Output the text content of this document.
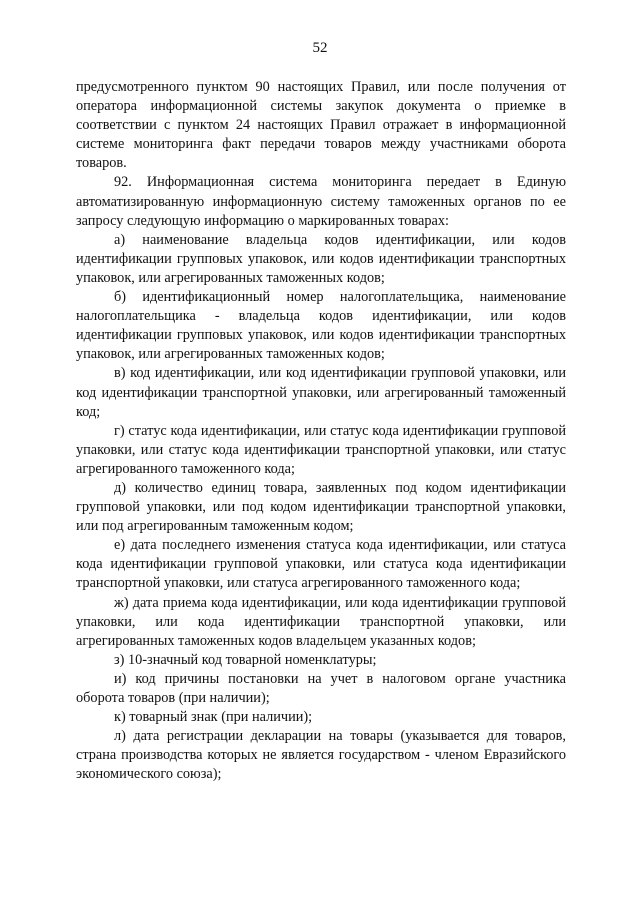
52

предусмотренного пунктом 90 настоящих Правил, или после получения от оператора информационной системы закупок документа о приемке в соответствии с пунктом 24 настоящих Правил отражает в информационной системе мониторинга факт передачи товаров между участниками оборота товаров.

92. Информационная система мониторинга передает в Единую автоматизированную информационную систему таможенных органов по ее запросу следующую информацию о маркированных товарах:

а) наименование владельца кодов идентификации, или кодов идентификации групповых упаковок, или кодов идентификации транспортных упаковок, или агрегированных таможенных кодов;

б) идентификационный номер налогоплательщика, наименование налогоплательщика - владельца кодов идентификации, или кодов идентификации групповых упаковок, или кодов идентификации транспортных упаковок, или агрегированных таможенных кодов;

в) код идентификации, или код идентификации групповой упаковки, или код идентификации транспортной упаковки, или агрегированный таможенный код;

г) статус кода идентификации, или статус кода идентификации групповой упаковки, или статус кода идентификации транспортной упаковки, или статус агрегированного таможенного кода;

д) количество единиц товара, заявленных под кодом идентификации групповой упаковки, или под кодом идентификации транспортной упаковки, или под агрегированным таможенным кодом;

е) дата последнего изменения статуса кода идентификации, или статуса кода идентификации групповой упаковки, или статуса кода идентификации транспортной упаковки, или статуса агрегированного таможенного кода;

ж) дата приема кода идентификации, или кода идентификации групповой упаковки, или кода идентификации транспортной упаковки, или агрегированных таможенных кодов владельцем указанных кодов;

з) 10-значный код товарной номенклатуры;

и) код причины постановки на учет в налоговом органе участника оборота товаров (при наличии);

к) товарный знак (при наличии);

л) дата регистрации декларации на товары (указывается для товаров, страна производства которых не является государством - членом Евразийского экономического союза);
